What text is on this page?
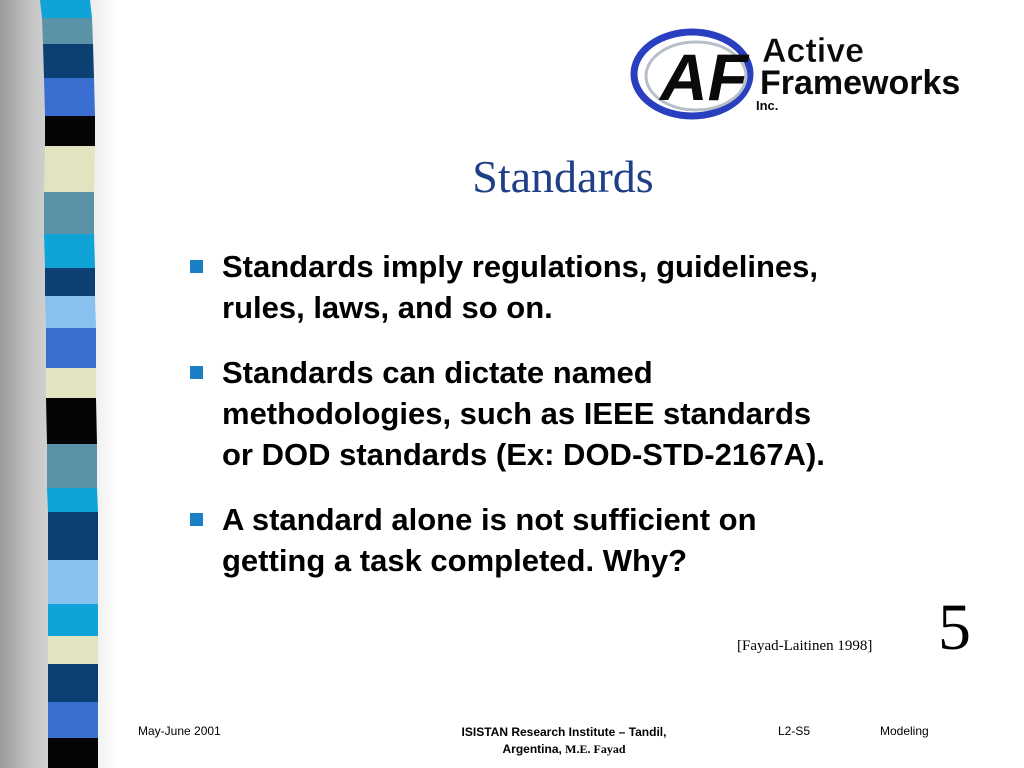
AF Active
Frameworks
Inc.
Standards
Standards imply regulations, guidelines,
rules, laws, and so on.
Standards can dictate named
methodologies, such as IEEE standards
or DOD standards (Ex: DOD-STD-2167A).
A standard alone is not sufficient on
getting a task completed. Why?
[Fayad-Laitinen 1998] 5
May-June 2001	ISISTAN Research Institute – Tandil,
Argentina, M.E. Fayad
L2-S5	Modeling
